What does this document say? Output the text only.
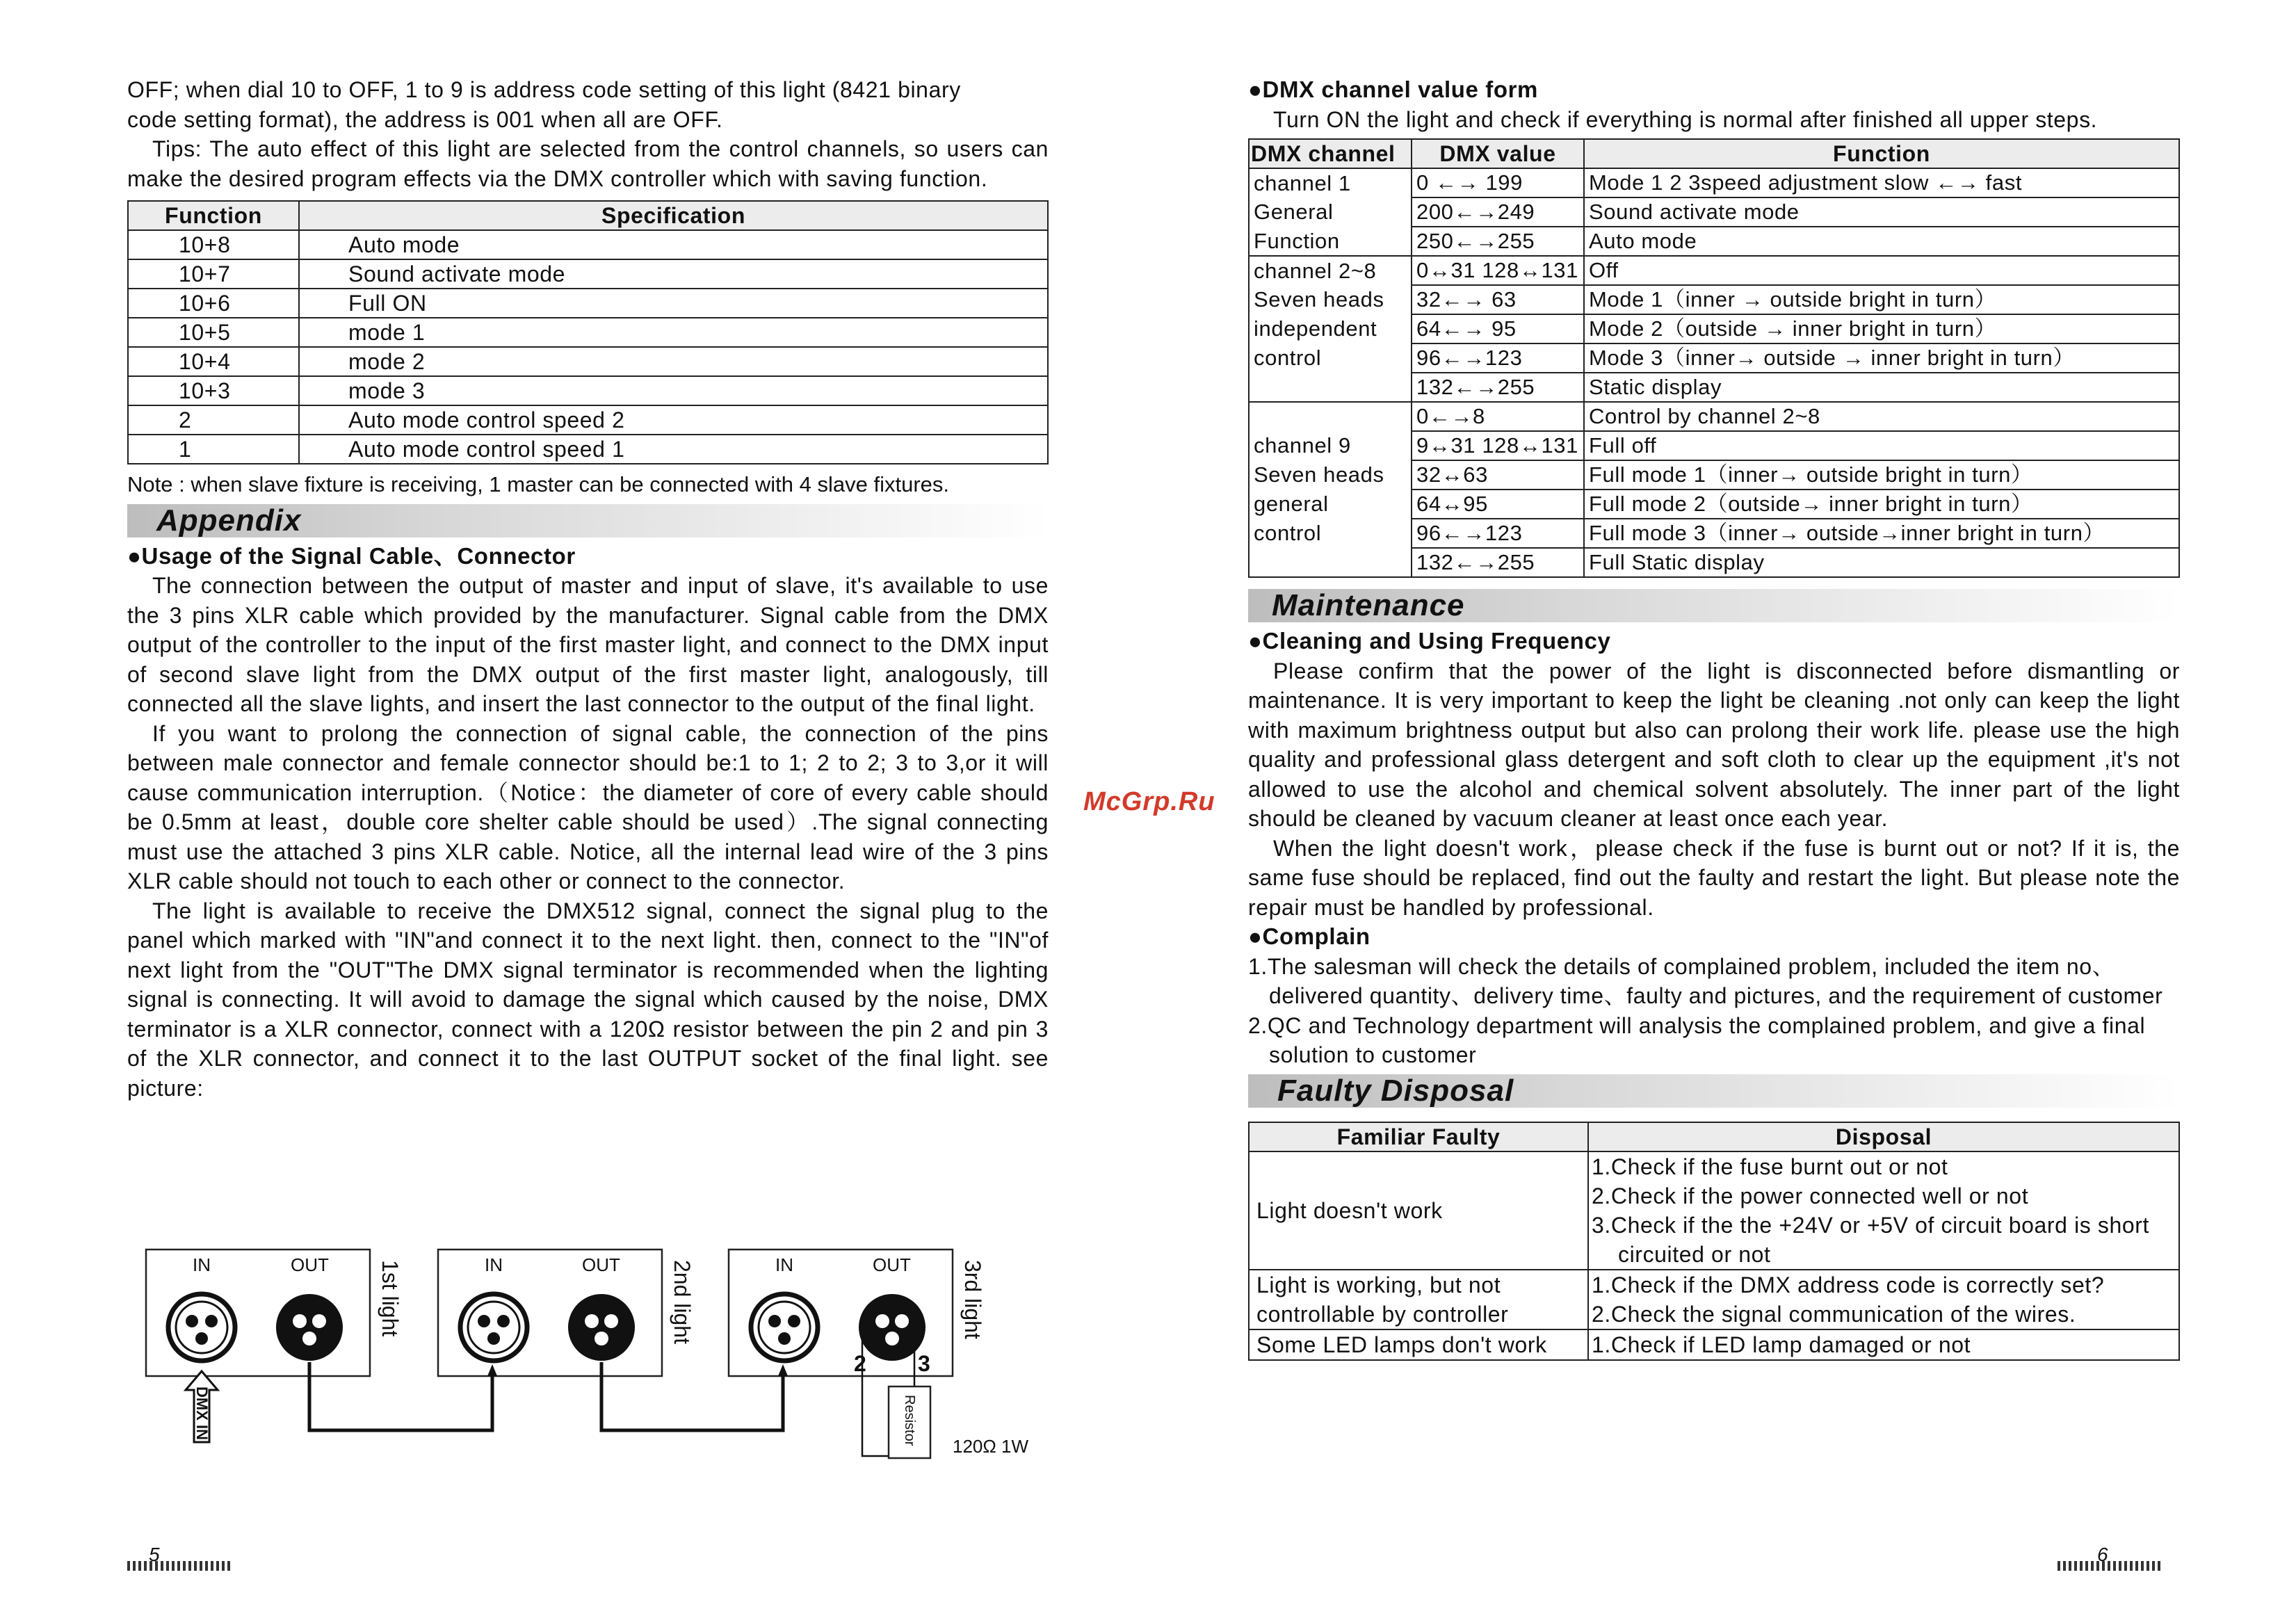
OFF; when dial 10 to OFF, 1 to 9 is address code setting of this light (8421 binary

code setting format), the address is 001 when all are OFF.

Tips: The auto effect of this light are selected from the control channels, so users can make the desired program effects via the DMX controller which with saving function.

Function	Specification
10+8	Auto mode
10+7	Sound activate mode
10+6	Full ON
10+5	mode 1
10+4	mode 2
10+3	mode 3
2	Auto mode control speed 2
1	Auto mode control speed 1

Note : when slave fixture is receiving, 1 master can be connected with 4 slave fixtures.

Appendix

●Usage of the Signal Cable、Connector

The connection between the output of master and input of slave, it's available to use the 3 pins XLR cable which provided by the manufacturer. Signal cable from the DMX output of the controller to the input of the first master light, and connect to the DMX input of second slave light from the DMX output of the first master light, analogously, till connected all the slave lights, and insert the last connector to the output of the final light.

If you want to prolong the connection of signal cable, the connection of the pins between male connector and female connector should be:1 to 1; 2 to 2; 3 to 3,or it will cause communication interruption.（Notice：the diameter of core of every cable should be 0.5mm at least，double core shelter cable should be used）.The signal connecting must use the attached 3 pins XLR cable. Notice, all the internal lead wire of the 3 pins XLR cable should not touch to each other or connect to the connector.

The light is available to receive the DMX512 signal, connect the signal plug to the panel which marked with "IN"and connect it to the next light. then, connect to the "IN"of next light from the "OUT"The DMX signal terminator is recommended when the lighting signal is connecting. It will avoid to damage the signal which caused by the noise, DMX terminator is a XLR connector, connect with a 120Ω resistor between the pin 2 and pin 3 of the XLR connector, and connect it to the last OUTPUT socket of the final light. see picture:

IN	OUT	IN	OUT	IN	OUT
1st light	2nd light	3rd light
DMX IN
2 3
Resistor
120Ω 1W
5
McGrp.Ru

●DMX channel value form

Turn ON the light and check if everything is normal after finished all upper steps.

DMX channel	DMX value	Function
channel 1	0 ←→ 199	Mode 1 2 3speed adjustment slow ←→ fast
General	200←→249	Sound activate mode
Function	250←→255	Auto mode
channel 2~8	0↔31 128↔131	Off
Seven heads	32←→ 63	Mode 1（inner → outside bright in turn）
independent	64←→ 95	Mode 2（outside → inner bright in turn）
control	96←→123	Mode 3（inner→ outside → inner bright in turn）
	132←→255	Static display
	0←→8	Control by channel 2~8
channel 9	9↔31 128↔131	Full off
Seven heads	32↔63	Full mode 1（inner→ outside bright in turn）
general	64↔95	Full mode 2（outside→ inner bright in turn）
control	96←→123	Full mode 3（inner→ outside→inner bright in turn）
	132←→255	Full Static display
Maintenance

●Cleaning and Using Frequency

Please confirm that the power of the light is disconnected before dismantling or maintenance. It is very important to keep the light be cleaning .not only can keep the light with maximum brightness output but also can prolong their work life. please use the high quality and professional glass detergent and soft cloth to clear up the equipment ,it's not allowed to use the alcohol and chemical solvent absolutely. The inner part of the light should be cleaned by vacuum cleaner at least once each year.

When the light doesn't work，please check if the fuse is burnt out or not? If it is, the same fuse should be replaced, find out the faulty and restart the light. But please note the repair must be handled by professional.

●Complain

1.The salesman will check the details of complained problem, included the item no、delivered quantity、delivery time、faulty and pictures, and the requirement of customer

2.QC and Technology department will analysis the complained problem, and give a final solution to customer

Faulty Disposal
Familiar Faulty	Disposal
Light doesn't work	1.Check if the fuse burnt out or not

2.Check if the power connected well or not

3.Check if the the +24V or +5V of circuit board is short circuited or not

Light is working, but not controllable by controller	1.Check if the DMX address code is correctly set?

2.Check the signal communication of the wires.

Some LED lamps don't work	1.Check if LED lamp damaged or not

6
